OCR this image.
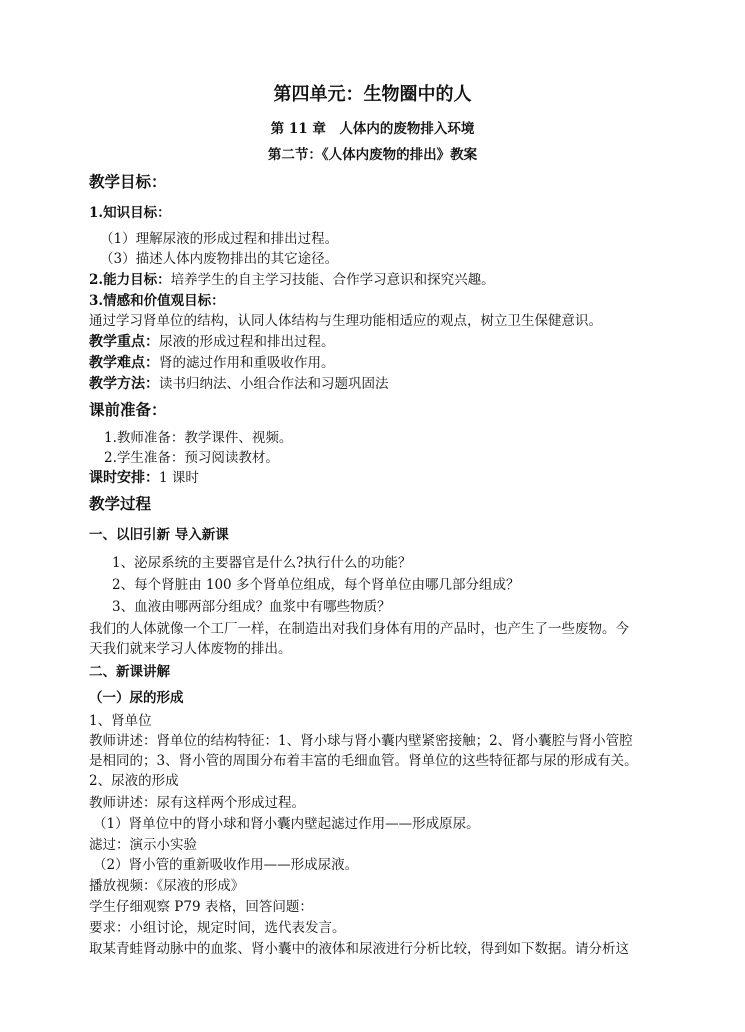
第四单元：生物圈中的人
第 11 章　人体内的废物排入环境
第二节：《人体内废物的排出》教案
教学目标：
1.知识目标：
（1）理解尿液的形成过程和排出过程。
（3）描述人体内废物排出的其它途径。
2.能力目标：培养学生的自主学习技能、合作学习意识和探究兴趣。
3.情感和价值观目标：
通过学习肾单位的结构，认同人体结构与生理功能相适应的观点，树立卫生保健意识。
教学重点：尿液的形成过程和排出过程。
教学难点：肾的滤过作用和重吸收作用。
教学方法：读书归纳法、小组合作法和习题巩固法
课前准备：
1.教师准备：教学课件、视频。
2.学生准备：预习阅读教材。
课时安排：1 课时
教学过程
一、以旧引新 导入新课
1、泌尿系统的主要器官是什么?执行什么的功能？
2、每个肾脏由 100 多个肾单位组成，每个肾单位由哪几部分组成？
3、血液由哪两部分组成？血浆中有哪些物质？
我们的人体就像一个工厂一样，在制造出对我们身体有用的产品时，也产生了一些废物。今
天我们就来学习人体废物的排出。
二、新课讲解
（一）尿的形成
1、肾单位
教师讲述：肾单位的结构特征：1、肾小球与肾小囊内壁紧密接触；2、肾小囊腔与肾小管腔
是相同的；3、肾小管的周围分布着丰富的毛细血管。肾单位的这些特征都与尿的形成有关。
2、尿液的形成
教师讲述：尿有这样两个形成过程。
（1）肾单位中的肾小球和肾小囊内壁起滤过作用——形成原尿。
滤过：演示小实验
（2）肾小管的重新吸收作用——形成尿液。
播放视频：《尿液的形成》
学生仔细观察 P79 表格，回答问题：
要求：小组讨论，规定时间，选代表发言。
取某青蛙肾动脉中的血浆、肾小囊中的液体和尿液进行分析比较，得到如下数据。请分析这
